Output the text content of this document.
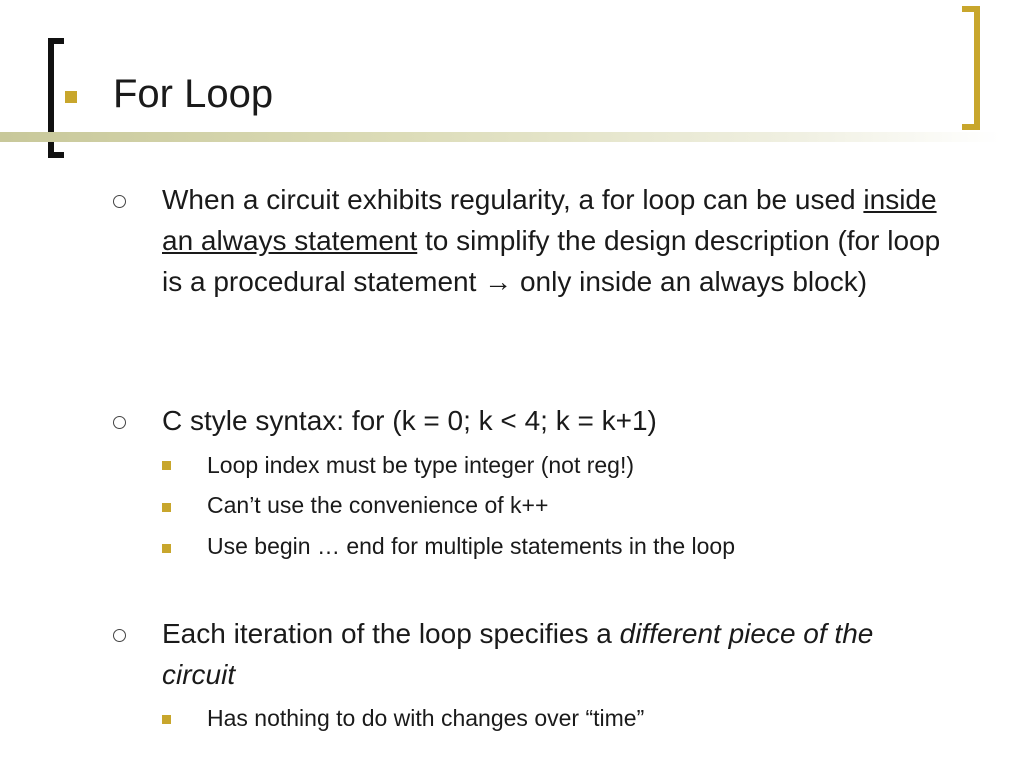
For Loop
When a circuit exhibits regularity, a for loop can be used inside an always statement to simplify the design description (for loop is a procedural statement → only inside an always block)
C style syntax: for (k = 0; k < 4; k = k+1)
Loop index must be type integer (not reg!)
Can’t use the convenience of k++
Use begin … end for multiple statements in the loop
Each iteration of the loop specifies a different piece of the circuit
Has nothing to do with changes over “time”
